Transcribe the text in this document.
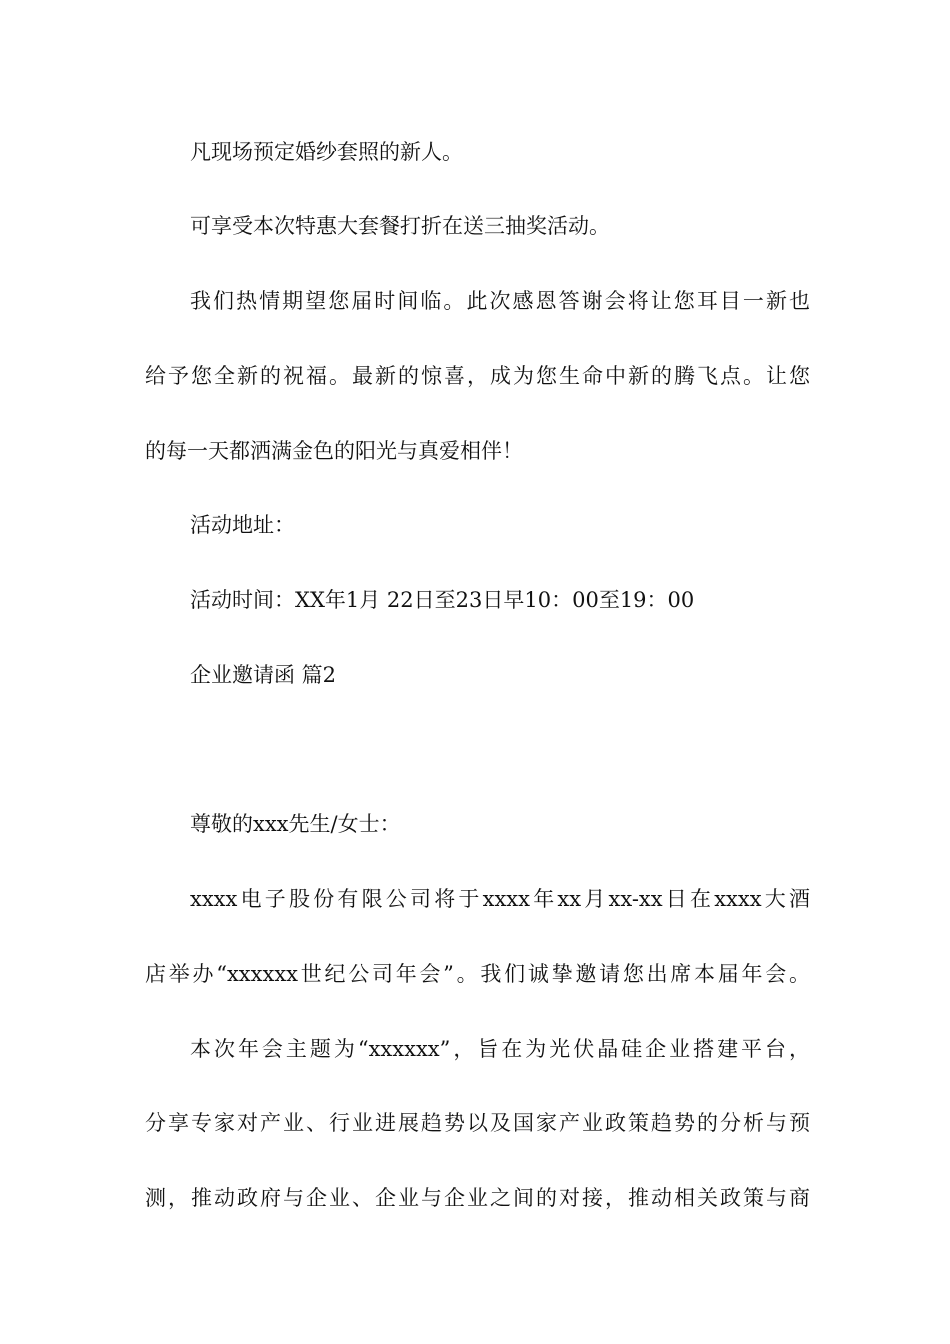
凡现场预定婚纱套照的新人。
可享受本次特惠大套餐打折在送三抽奖活动。
我们热情期望您届时间临。此次感恩答谢会将让您耳目一新也
给予您全新的祝福。最新的惊喜，成为您生命中新的腾飞点。让您
的每一天都洒满金色的阳光与真爱相伴！
活动地址：
活动时间：XX年1月 22日至23日早10：00至19：00
企业邀请函 篇2
尊敬的xxx先生/女士：
xxxx电子股份有限公司将于xxxx年xx月xx-xx日在xxxx大酒
店举办“xxxxxx世纪公司年会”。我们诚挚邀请您出席本届年会。
本次年会主题为“xxxxxx”，旨在为光伏晶硅企业搭建平台，
分享专家对产业、行业进展趋势以及国家产业政策趋势的分析与预
测，推动政府与企业、企业与企业之间的对接，推动相关政策与商
